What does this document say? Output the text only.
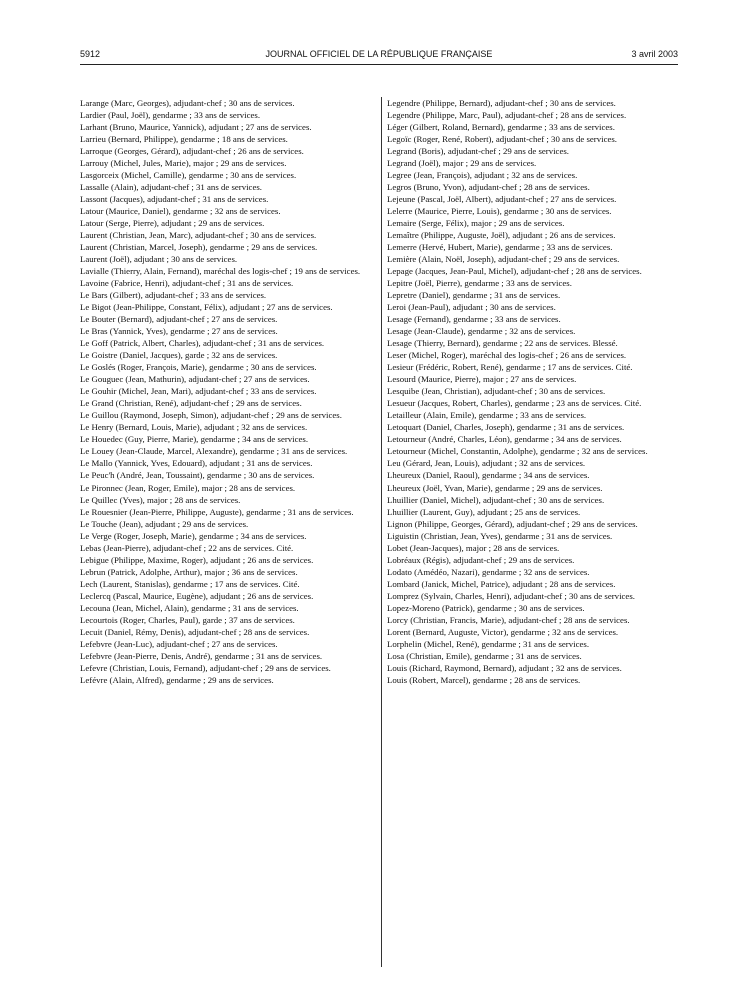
5912	JOURNAL OFFICIEL DE LA RÉPUBLIQUE FRANÇAISE	3 avril 2003

Larange (Marc, Georges), adjudant-chef ; 30 ans de services.

Lardier (Paul, Joël), gendarme ; 33 ans de services.

Larhant (Bruno, Maurice, Yannick), adjudant ; 27 ans de services.

Larrieu (Bernard, Philippe), gendarme ; 18 ans de services.

Larroque (Georges, Gérard), adjudant-chef ; 26 ans de services.

Larrouy (Michel, Jules, Marie), major ; 29 ans de services.

Lasgorceix (Michel, Camille), gendarme ; 30 ans de services.

Lassalle (Alain), adjudant-chef ; 31 ans de services.

Lassont (Jacques), adjudant-chef ; 31 ans de services.

Latour (Maurice, Daniel), gendarme ; 32 ans de services.

Latour (Serge, Pierre), adjudant ; 29 ans de services.

Laurent (Christian, Jean, Marc), adjudant-chef ; 30 ans de services.

Laurent (Christian, Marcel, Joseph), gendarme ; 29 ans de services.

Laurent (Joël), adjudant ; 30 ans de services.

Lavialle (Thierry, Alain, Fernand), maréchal des logis-chef ; 19 ans de services.

Lavoine (Fabrice, Henri), adjudant-chef ; 31 ans de services.

Le Bars (Gilbert), adjudant-chef ; 33 ans de services.

Le Bigot (Jean-Philippe, Constant, Félix), adjudant ; 27 ans de services.

Le Bouter (Bernard), adjudant-chef ; 27 ans de services.

Le Bras (Yannick, Yves), gendarme ; 27 ans de services.

Le Goff (Patrick, Albert, Charles), adjudant-chef ; 31 ans de services.

Le Goistre (Daniel, Jacques), garde ; 32 ans de services.

Le Goslés (Roger, François, Marie), gendarme ; 30 ans de services.

Le Gouguec (Jean, Mathurin), adjudant-chef ; 27 ans de services.

Le Gouhir (Michel, Jean, Mari), adjudant-chef ; 33 ans de services.

Le Grand (Christian, René), adjudant-chef ; 29 ans de services.

Le Guillou (Raymond, Joseph, Simon), adjudant-chef ; 29 ans de services.

Le Henry (Bernard, Louis, Marie), adjudant ; 32 ans de services.

Le Houedec (Guy, Pierre, Marie), gendarme ; 34 ans de services.

Le Louey (Jean-Claude, Marcel, Alexandre), gendarme ; 31 ans de services.

Le Mallo (Yannick, Yves, Edouard), adjudant ; 31 ans de services.

Le Peuc'h (André, Jean, Toussaint), gendarme ; 30 ans de services.

Le Pironnec (Jean, Roger, Emile), major ; 28 ans de services.

Le Quillec (Yves), major ; 28 ans de services.

Le Rouesnier (Jean-Pierre, Philippe, Auguste), gendarme ; 31 ans de services.

Le Touche (Jean), adjudant ; 29 ans de services.

Le Verge (Roger, Joseph, Marie), gendarme ; 34 ans de services.

Lebas (Jean-Pierre), adjudant-chef ; 22 ans de services. Cité.

Lebigue (Philippe, Maxime, Roger), adjudant ; 26 ans de services.

Lebrun (Patrick, Adolphe, Arthur), major ; 36 ans de services.

Lech (Laurent, Stanislas), gendarme ; 17 ans de services. Cité.

Leclercq (Pascal, Maurice, Eugène), adjudant ; 26 ans de services.

Lecouna (Jean, Michel, Alain), gendarme ; 31 ans de services.

Lecourtois (Roger, Charles, Paul), garde ; 37 ans de services.

Lecuit (Daniel, Rémy, Denis), adjudant-chef ; 28 ans de services.

Lefebvre (Jean-Luc), adjudant-chef ; 27 ans de services.

Lefebvre (Jean-Pierre, Denis, André), gendarme ; 31 ans de services.

Lefevre (Christian, Louis, Fernand), adjudant-chef ; 29 ans de services.

Lefévre (Alain, Alfred), gendarme ; 29 ans de services.

Legendre (Philippe, Bernard), adjudant-chef ; 30 ans de services.

Legendre (Philippe, Marc, Paul), adjudant-chef ; 28 ans de services.

Léger (Gilbert, Roland, Bernard), gendarme ; 33 ans de services.

Legoïc (Roger, René, Robert), adjudant-chef ; 30 ans de services.

Legrand (Boris), adjudant-chef ; 29 ans de services.

Legrand (Joël), major ; 29 ans de services.

Legree (Jean, François), adjudant ; 32 ans de services.

Legros (Bruno, Yvon), adjudant-chef ; 28 ans de services.

Lejeune (Pascal, Joël, Albert), adjudant-chef ; 27 ans de services.

Lelerre (Maurice, Pierre, Louis), gendarme ; 30 ans de services.

Lemaire (Serge, Félix), major ; 29 ans de services.

Lemaître (Philippe, Auguste, Joël), adjudant ; 26 ans de services.

Lemerre (Hervé, Hubert, Marie), gendarme ; 33 ans de services.

Lemière (Alain, Noël, Joseph), adjudant-chef ; 29 ans de services.

Lepage (Jacques, Jean-Paul, Michel), adjudant-chef ; 28 ans de services.

Lepitre (Joël, Pierre), gendarme ; 33 ans de services.

Lepretre (Daniel), gendarme ; 31 ans de services.

Leroi (Jean-Paul), adjudant ; 30 ans de services.

Lesage (Fernand), gendarme ; 33 ans de services.

Lesage (Jean-Claude), gendarme ; 32 ans de services.

Lesage (Thierry, Bernard), gendarme ; 22 ans de services. Blessé.

Leser (Michel, Roger), maréchal des logis-chef ; 26 ans de services.

Lesieur (Frédéric, Robert, René), gendarme ; 17 ans de services. Cité.

Lesourd (Maurice, Pierre), major ; 27 ans de services.

Lesquibe (Jean, Christian), adjudant-chef ; 30 ans de services.

Lesueur (Jacques, Robert, Charles), gendarme ; 23 ans de services. Cité.

Letailleur (Alain, Emile), gendarme ; 33 ans de services.

Letoquart (Daniel, Charles, Joseph), gendarme ; 31 ans de services.

Letourneur (André, Charles, Léon), gendarme ; 34 ans de services.

Letourneur (Michel, Constantin, Adolphe), gendarme ; 32 ans de services.

Leu (Gérard, Jean, Louis), adjudant ; 32 ans de services.

Lheureux (Daniel, Raoul), gendarme ; 34 ans de services.

Lheureux (Joël, Yvan, Marie), gendarme ; 29 ans de services.

Lhuillier (Daniel, Michel), adjudant-chef ; 30 ans de services.

Lhuillier (Laurent, Guy), adjudant ; 25 ans de services.

Lignon (Philippe, Georges, Gérard), adjudant-chef ; 29 ans de services.

Liguistin (Christian, Jean, Yves), gendarme ; 31 ans de services.

Lobet (Jean-Jacques), major ; 28 ans de services.

Lobréaux (Régis), adjudant-chef ; 29 ans de services.

Lodato (Amédéo, Nazari), gendarme ; 32 ans de services.

Lombard (Janick, Michel, Patrice), adjudant ; 28 ans de services.

Lomprez (Sylvain, Charles, Henri), adjudant-chef ; 30 ans de services.

Lopez-Moreno (Patrick), gendarme ; 30 ans de services.

Lorcy (Christian, Francis, Marie), adjudant-chef ; 28 ans de services.

Lorent (Bernard, Auguste, Victor), gendarme ; 32 ans de services.

Lorphelin (Michel, René), gendarme ; 31 ans de services.

Losa (Christian, Emile), gendarme ; 31 ans de services.

Louis (Richard, Raymond, Bernard), adjudant ; 32 ans de services.

Louis (Robert, Marcel), gendarme ; 28 ans de services.
